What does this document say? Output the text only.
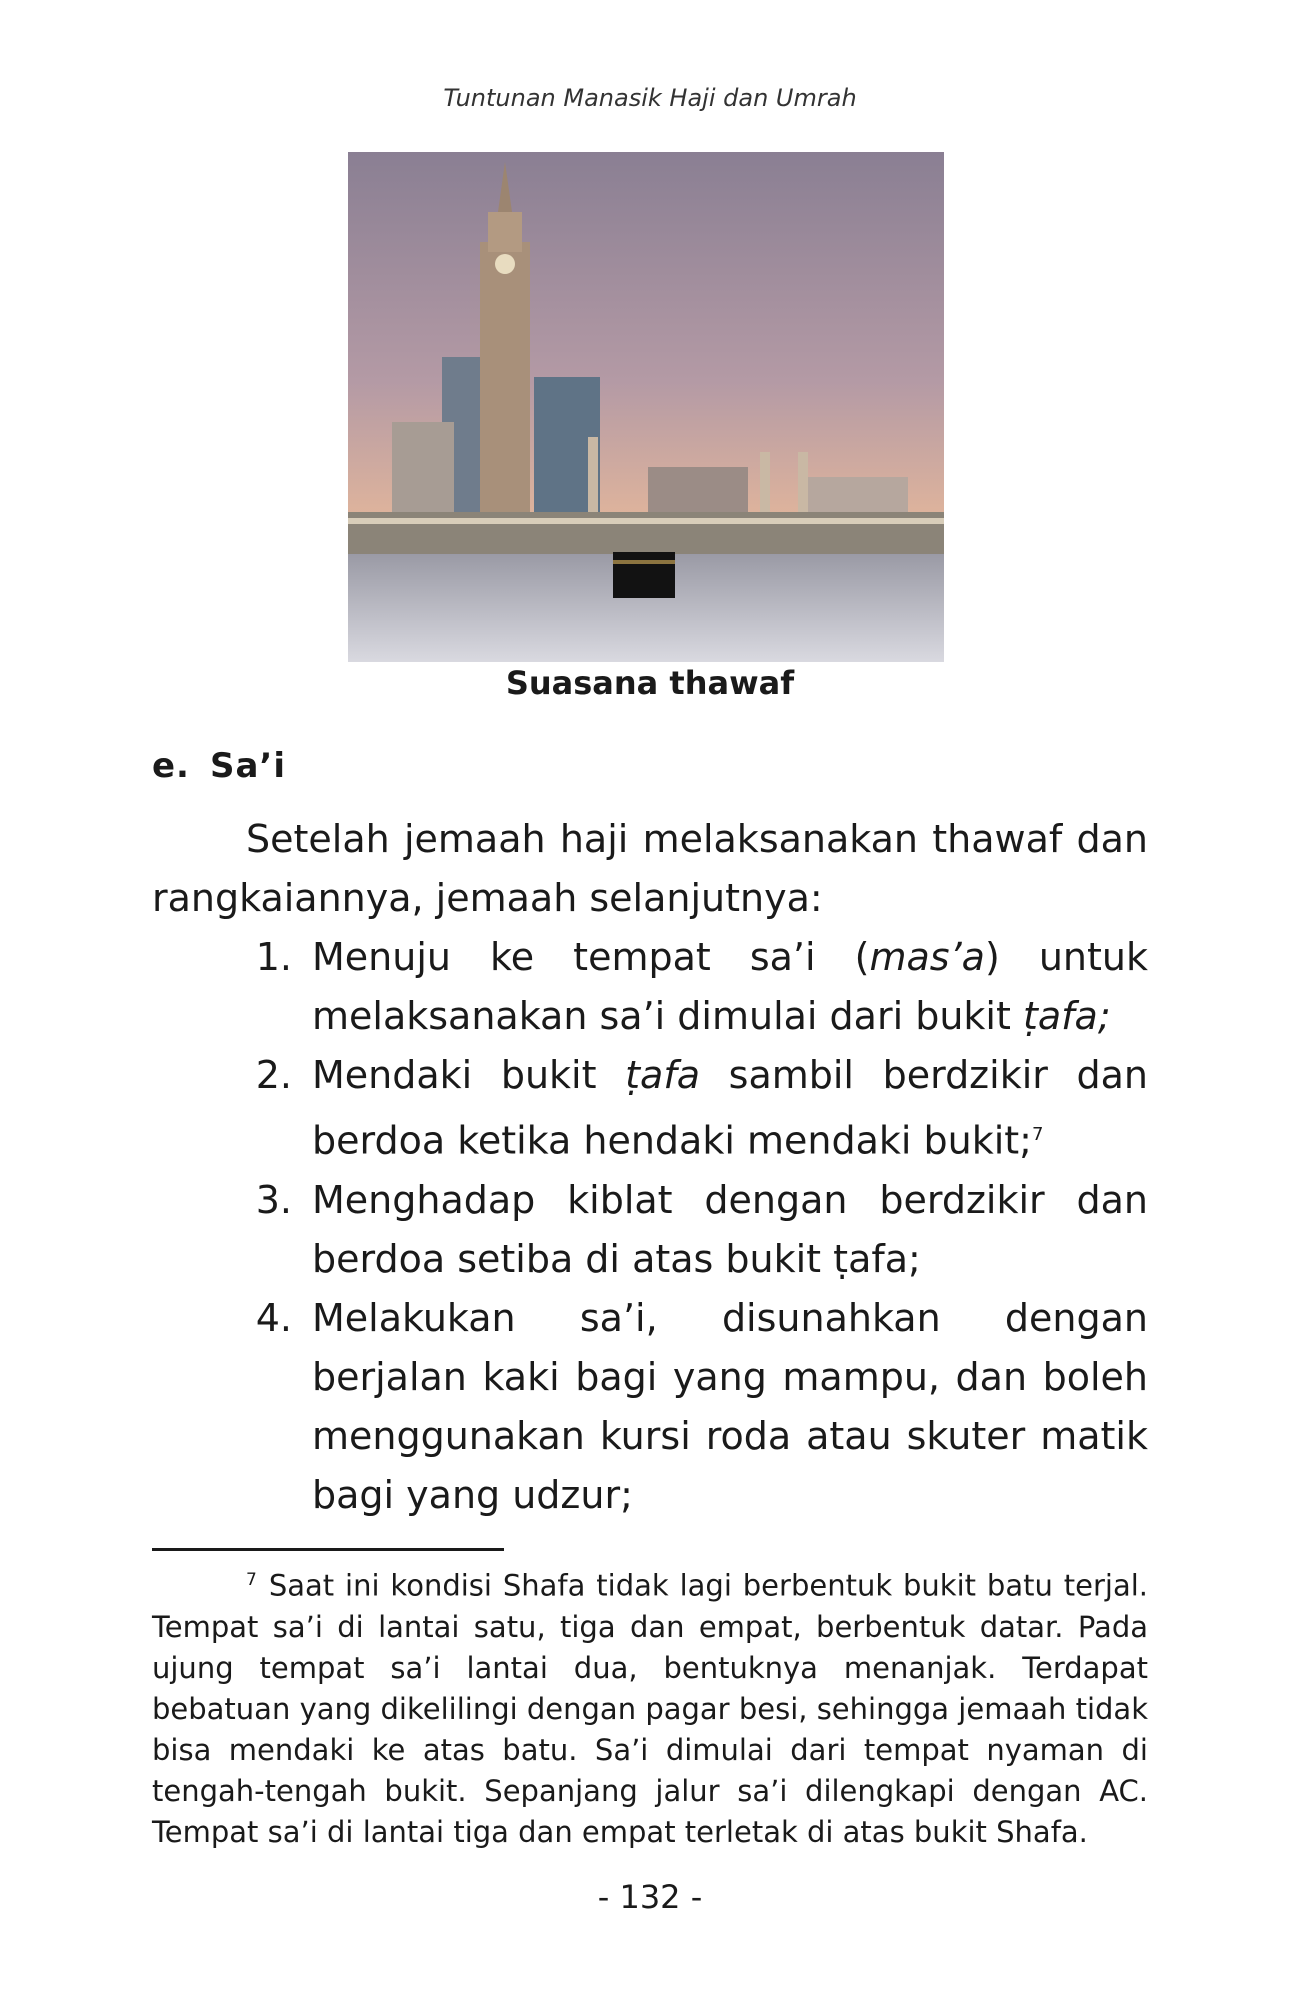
Tuntunan Manasik Haji dan Umrah
Suasana thawaf
e. Sa’i
Setelah jemaah haji melaksanakan thawaf dan rangkaiannya, jemaah selanjutnya:
1. Menuju ke tempat sa’i (mas’a) untuk melaksanakan sa’i dimulai dari bukit ṭafa;
2. Mendaki bukit ṭafa sambil berdzikir dan berdoa ketika hendaki mendaki bukit;$^7$
3. Menghadap kiblat dengan berdzikir dan berdoa setiba di atas bukit ṭafa;
4. Melakukan sa’i, disunahkan dengan berjalan kaki bagi yang mampu, dan boleh menggunakan kursi roda atau skuter matik bagi yang udzur;
$^7$ Saat ini kondisi Shafa tidak lagi berbentuk bukit batu terjal. Tempat sa’i di lantai satu, tiga dan empat, berbentuk datar. Pada ujung tempat sa’i lantai dua, bentuknya menanjak. Terdapat bebatuan yang dikelilingi dengan pagar besi, sehingga jemaah tidak bisa mendaki ke atas batu. Sa’i dimulai dari tempat nyaman di tengah-tengah bukit. Sepanjang jalur sa’i dilengkapi dengan AC. Tempat sa’i di lantai tiga dan empat terletak di atas bukit Shafa.
- 132 -
